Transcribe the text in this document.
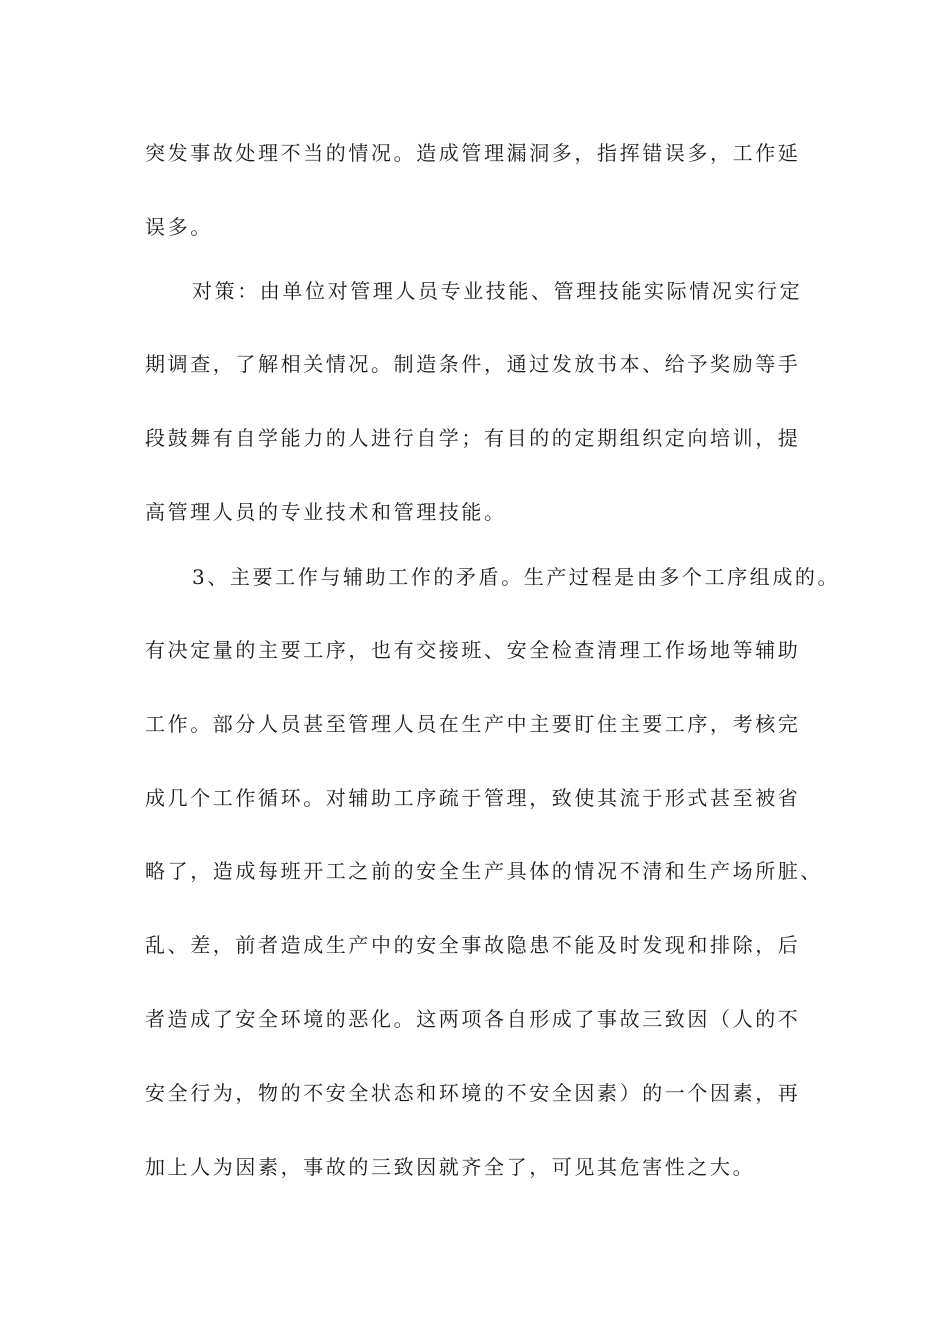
突发事故处理不当的情况。造成管理漏洞多，指挥错误多，工作延
误多。
对策：由单位对管理人员专业技能、管理技能实际情况实行定
期调查，了解相关情况。制造条件，通过发放书本、给予奖励等手
段鼓舞有自学能力的人进行自学；有目的的定期组织定向培训，提
高管理人员的专业技术和管理技能。
3、主要工作与辅助工作的矛盾。生产过程是由多个工序组成的。
有决定量的主要工序，也有交接班、安全检查清理工作场地等辅助
工作。部分人员甚至管理人员在生产中主要盯住主要工序，考核完
成几个工作循环。对辅助工序疏于管理，致使其流于形式甚至被省
略了，造成每班开工之前的安全生产具体的情况不清和生产场所脏、
乱、差，前者造成生产中的安全事故隐患不能及时发现和排除，后
者造成了安全环境的恶化。这两项各自形成了事故三致因（人的不
安全行为，物的不安全状态和环境的不安全因素）的一个因素，再
加上人为因素，事故的三致因就齐全了，可见其危害性之大。
